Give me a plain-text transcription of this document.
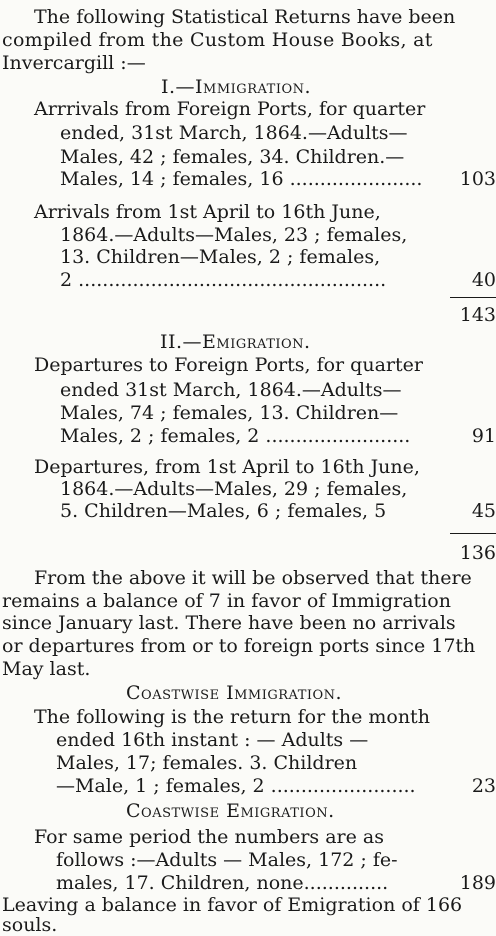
The following Statistical Returns have been
compiled from the Custom House Books, at
Invercargill :—
I.—Immigration.
Arrrivals from Foreign Ports, for quarter
ended, 31st March, 1864.—Adults—
Males, 42 ; females, 34. Children.—
Males, 14 ; females, 16 ...................... 103
Arrivals from 1st April to 16th June,
1864.—Adults—Males, 23 ; females,
13. Children—Males, 2 ; females,
2 ...................................................	40
143
II.—Emigration.
Departures to Foreign Ports, for quarter
ended 31st March, 1864.—Adults—
Males, 74 ; females, 13. Children—
Males, 2 ; females, 2 ........................	91
Departures, from 1st April to 16th June,
1864.—Adults—Males, 29 ; females,
5. Children—Males, 6 ; females, 5	45
136
From the above it will be observed that there
remains a balance of 7 in favor of Immigration
since January last. There have been no arrivals
or departures from or to foreign ports since 17th
May last.
Coastwise Immigration.
The following is the return for the month
ended 16th instant : — Adults —
Males, 17; females. 3. Children
—Male, 1 ; females, 2 ........................	23
Coastwise Emigration.
For same period the numbers are as
follows :—Adults — Males, 172 ; fe-
males, 17. Children, none..............	189
Leaving a balance in favor of Emigration of 166
souls.
